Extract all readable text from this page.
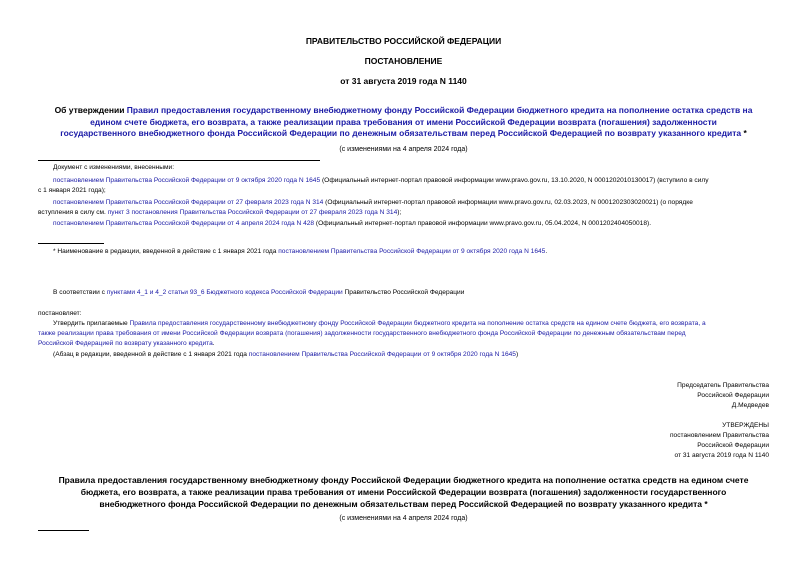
ПРАВИТЕЛЬСТВО РОССИЙСКОЙ ФЕДЕРАЦИИ
ПОСТАНОВЛЕНИЕ
от 31 августа 2019 года N 1140
Об утверждении Правил предоставления государственному внебюджетному фонду Российской Федерации бюджетного кредита на пополнение остатка средств на
едином счете бюджета, его возврата, а также реализации права требования от имени Российской Федерации возврата (погашения) задолженности
государственного внебюджетного фонда Российской Федерации по денежным обязательствам перед Российской Федерацией по возврату указанного кредита *
(с изменениями на 4 апреля 2024 года)
Документ с изменениями, внесенными:
постановлением Правительства Российской Федерации от 9 октября 2020 года N 1645 (Официальный интернет-портал правовой информации www.pravo.gov.ru, 13.10.2020, N 0001202010130017) (вступило в силу
с 1 января 2021 года);
постановлением Правительства Российской Федерации от 27 февраля 2023 года N 314 (Официальный интернет-портал правовой информации www.pravo.gov.ru, 02.03.2023, N 0001202303020021) (о порядке
вступления в силу см. пункт 3 постановления Правительства Российской Федерации от 27 февраля 2023 года N 314);
постановлением Правительства Российской Федерации от 4 апреля 2024 года N 428 (Официальный интернет-портал правовой информации www.pravo.gov.ru, 05.04.2024, N 0001202404050018).
* Наименование в редакции, введенной в действие с 1 января 2021 года постановлением Правительства Российской Федерации от 9 октября 2020 года N 1645.
В соответствии с пунктами 4_1 и 4_2 статьи 93_6 Бюджетного кодекса Российской Федерации Правительство Российской Федерации
постановляет:
Утвердить прилагаемые Правила предоставления государственному внебюджетному фонду Российской Федерации бюджетного кредита на пополнение остатка средств на едином счете бюджета, его возврата, а
также реализации права требования от имени Российской Федерации возврата (погашения) задолженности государственного внебюджетного фонда Российской Федерации по денежным обязательствам перед
Российской Федерацией по возврату указанного кредита.
(Абзац в редакции, введенной в действие с 1 января 2021 года постановлением Правительства Российской Федерации от 9 октября 2020 года N 1645)
Председатель Правительства
Российской Федерации
Д.Медведев
УТВЕРЖДЕНЫ
постановлением Правительства
Российской Федерации
от 31 августа 2019 года N 1140
Правила предоставления государственному внебюджетному фонду Российской Федерации бюджетного кредита на пополнение остатка средств на едином счете
бюджета, его возврата, а также реализации права требования от имени Российской Федерации возврата (погашения) задолженности государственного
внебюджетного фонда Российской Федерации по денежным обязательствам перед Российской Федерацией по возврату указанного кредита *
(с изменениями на 4 апреля 2024 года)
